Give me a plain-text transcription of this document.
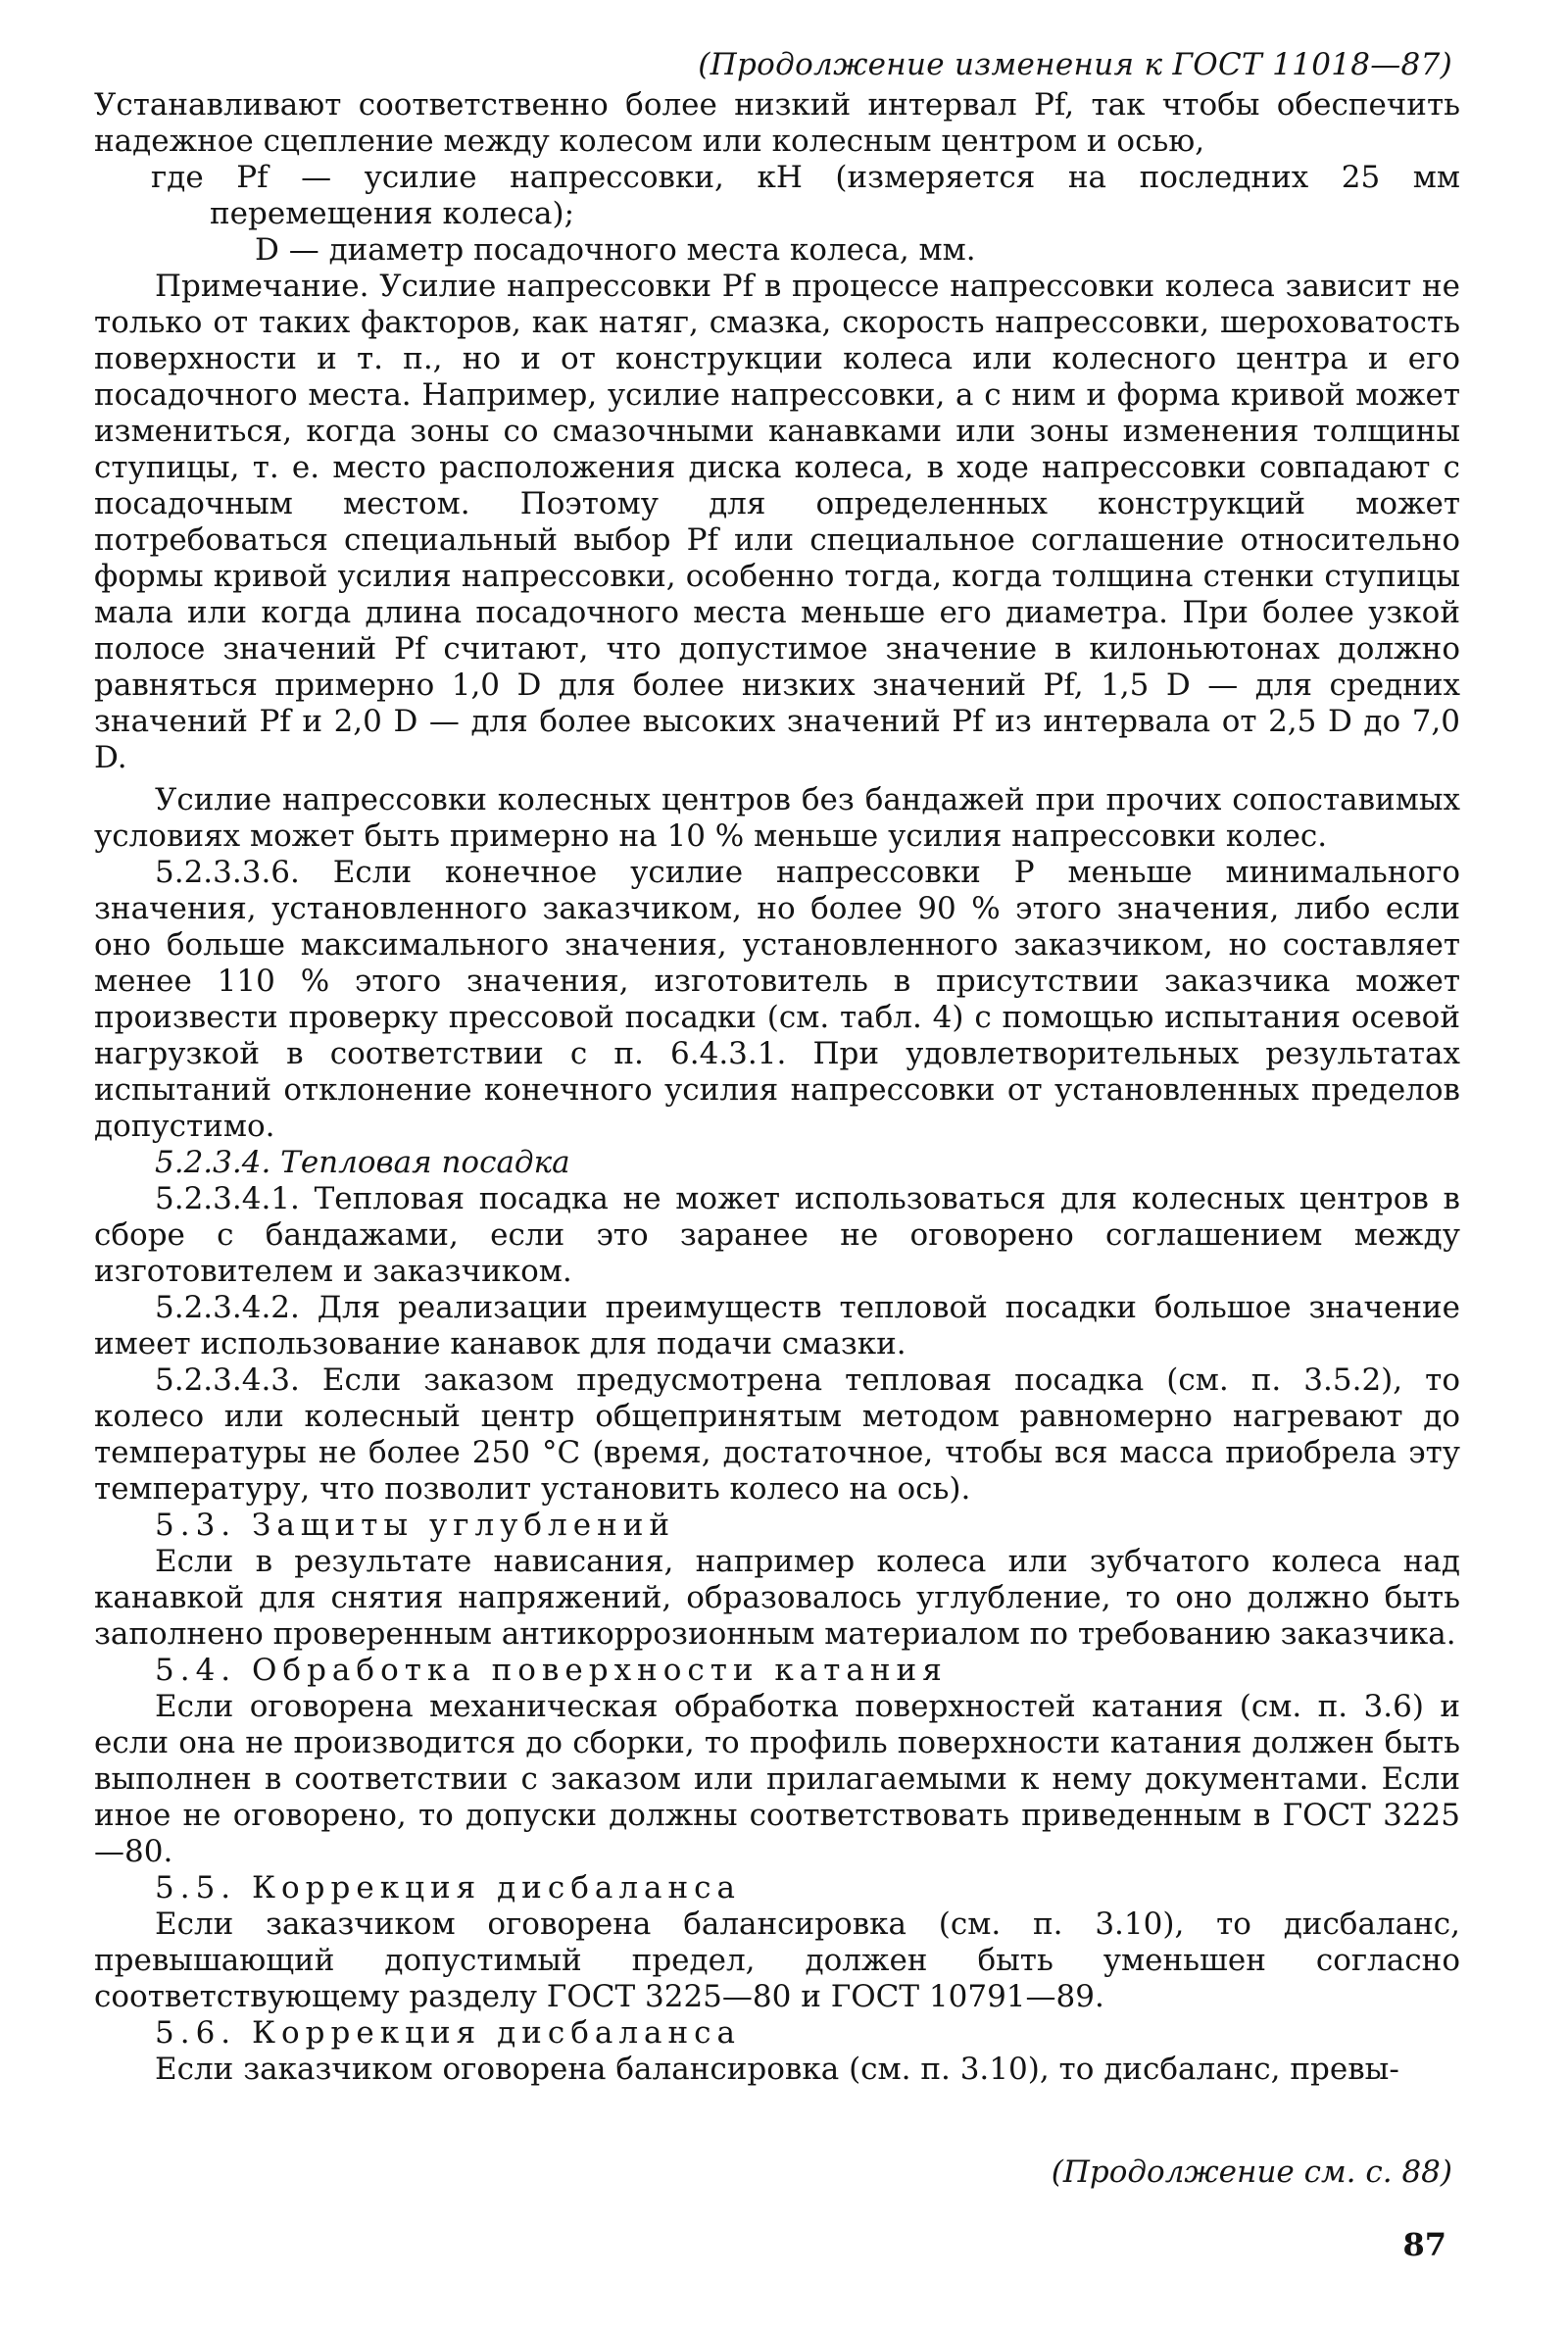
(Продолжение изменения к ГОСТ 11018—87)

Устанавливают соответственно более низкий интервал Pf, так чтобы обеспечить надежное сцепление между колесом или колесным центром и осью,

где Pf — усилие напрессовки, кН (измеряется на последних 25 мм перемещения колеса);

D — диаметр посадочного места колеса, мм.

Примечание. Усилие напрессовки Pf в процессе напрессовки колеса зависит не только от таких факторов, как натяг, смазка, скорость напрессовки, шероховатость поверхности и т. п., но и от конструкции колеса или колесного центра и его посадочного места. Например, усилие напрессовки, а с ним и форма кривой может измениться, когда зоны со смазочными канавками или зоны изменения толщины ступицы, т. е. место расположения диска колеса, в ходе напрессовки совпадают с посадочным местом. Поэтому для определенных конструкций может потребоваться специальный выбор Pf или специальное соглашение относительно формы кривой усилия напрессовки, особенно тогда, когда толщина стенки ступицы мала или когда длина посадочного места меньше его диаметра. При более узкой полосе значений Pf считают, что допустимое значение в килоньютонах должно равняться примерно 1,0 D для более низких значений Pf, 1,5 D — для средних значений Pf и 2,0 D — для более высоких значений Pf из интервала от 2,5 D до 7,0 D.

Усилие напрессовки колесных центров без бандажей при прочих сопоставимых условиях может быть примерно на 10 % меньше усилия напрессовки колес.

5.2.3.3.6. Если конечное усилие напрессовки P меньше минимального значения, установленного заказчиком, но более 90 % этого значения, либо если оно больше максимального значения, установленного заказчиком, но составляет менее 110 % этого значения, изготовитель в присутствии заказчика может произвести проверку прессовой посадки (см. табл. 4) с помощью испытания осевой нагрузкой в соответствии с п. 6.4.3.1. При удовлетворительных результатах испытаний отклонение конечного усилия напрессовки от установленных пределов допустимо.

5.2.3.4. Тепловая посадка

5.2.3.4.1. Тепловая посадка не может использоваться для колесных центров в сборе с бандажами, если это заранее не оговорено соглашением между изготовителем и заказчиком.

5.2.3.4.2. Для реализации преимуществ тепловой посадки большое значение имеет использование канавок для подачи смазки.

5.2.3.4.3. Если заказом предусмотрена тепловая посадка (см. п. 3.5.2), то колесо или колесный центр общепринятым методом равномерно нагревают до температуры не более 250 °C (время, достаточное, чтобы вся масса приобрела эту температуру, что позволит установить колесо на ось).

5.3. Защиты углублений

Если в результате нависания, например колеса или зубчатого колеса над канавкой для снятия напряжений, образовалось углубление, то оно должно быть заполнено проверенным антикоррозионным материалом по требованию заказчика.

5.4. Обработка поверхности катания

Если оговорена механическая обработка поверхностей катания (см. п. 3.6) и если она не производится до сборки, то профиль поверхности катания должен быть выполнен в соответствии с заказом или прилагаемыми к нему документами. Если иное не оговорено, то допуски должны соответствовать приведенным в ГОСТ 3225—80.

5.5. Коррекция дисбаланса

Если заказчиком оговорена балансировка (см. п. 3.10), то дисбаланс, превышающий допустимый предел, должен быть уменьшен согласно соответствующему разделу ГОСТ 3225—80 и ГОСТ 10791—89.

5.6. Коррекция дисбаланса

Если заказчиком оговорена балансировка (см. п. 3.10), то дисбаланс, превы-

(Продолжение см. с. 88)
87
